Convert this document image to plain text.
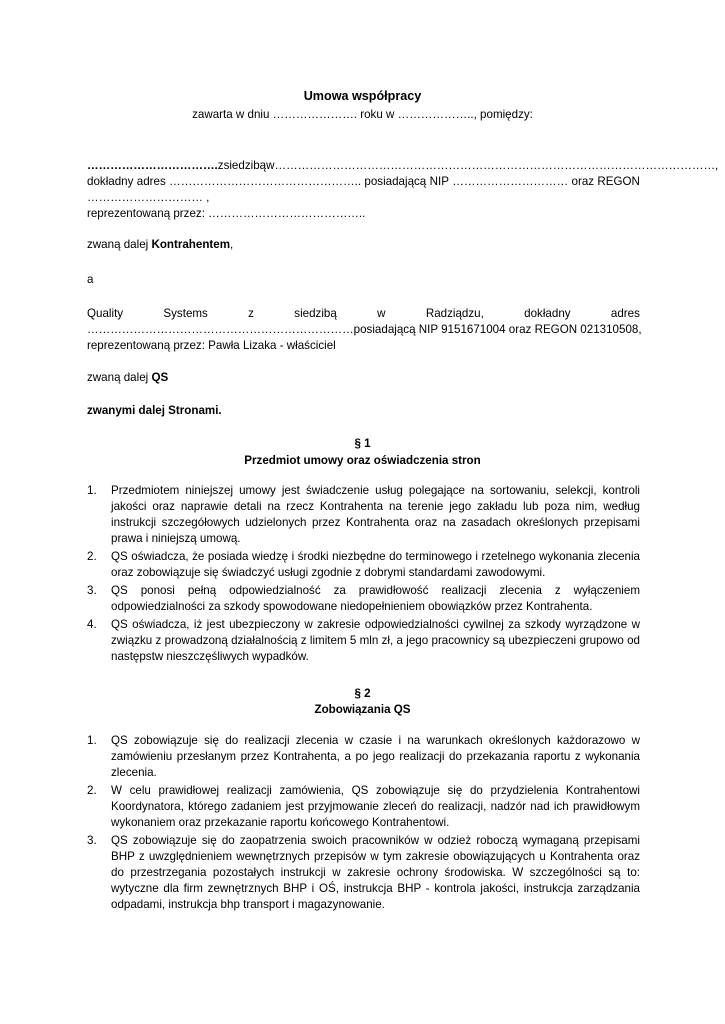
Umowa współpracy
zawarta w dniu …………………. roku w ……………….., pomiędzy:
……………………………. z siedzibą w ……………………………………………………………………………………………………,
dokładny adres ………………………………………….. posiadającą NIP ………………………… oraz REGON
………………………… ,
reprezentowaną przez: …………………………………..
zwaną dalej Kontrahentem,
a
Quality	Systems	z	siedzibą	w	Radziądzu,	dokładny	adres
……………………………………………………………posiadającą NIP 9151671004 oraz REGON 021310508,
reprezentowaną przez: Pawła Lizaka - właściciel
zwaną dalej QS
zwanymi dalej Stronami.
§ 1
Przedmiot umowy oraz oświadczenia stron
1. Przedmiotem niniejszej umowy jest świadczenie usług polegające na sortowaniu, selekcji, kontroli jakości oraz naprawie detali na rzecz Kontrahenta na terenie jego zakładu lub poza nim, według instrukcji szczegółowych udzielonych przez Kontrahenta oraz na zasadach określonych przepisami prawa i niniejszą umową.
2. QS oświadcza, że posiada wiedzę i środki niezbędne do terminowego i rzetelnego wykonania zlecenia oraz zobowiązuje się świadczyć usługi zgodnie z dobrymi standardami zawodowymi.
3. QS ponosi pełną odpowiedzialność za prawidłowość realizacji zlecenia z wyłączeniem odpowiedzialności za szkody spowodowane niedopełnieniem obowiązków przez Kontrahenta.
4. QS oświadcza, iż jest ubezpieczony w zakresie odpowiedzialności cywilnej za szkody wyrządzone w związku z prowadzoną działalnością z limitem 5 mln zł, a jego pracownicy są ubezpieczeni grupowo od następstw nieszczęśliwych wypadków.
§ 2
Zobowiązania QS
1. QS zobowiązuje się do realizacji zlecenia w czasie i na warunkach określonych każdorazowo w zamówieniu przesłanym przez Kontrahenta, a po jego realizacji do przekazania raportu z wykonania zlecenia.
2. W celu prawidłowej realizacji zamówienia, QS zobowiązuje się do przydzielenia Kontrahentowi Koordynatora, którego zadaniem jest przyjmowanie zleceń do realizacji, nadzór nad ich prawidłowym wykonaniem oraz przekazanie raportu końcowego Kontrahentowi.
3. QS zobowiązuje się do zaopatrzenia swoich pracowników w odzież roboczą wymaganą przepisami BHP z uwzględnieniem wewnętrznych przepisów w tym zakresie obowiązujących u Kontrahenta oraz do przestrzegania pozostałych instrukcji w zakresie ochrony środowiska. W szczególności są to: wytyczne dla firm zewnętrznych BHP i OŚ, instrukcja BHP - kontrola jakości, instrukcja zarządzania odpadami, instrukcja bhp transport i magazynowanie.
